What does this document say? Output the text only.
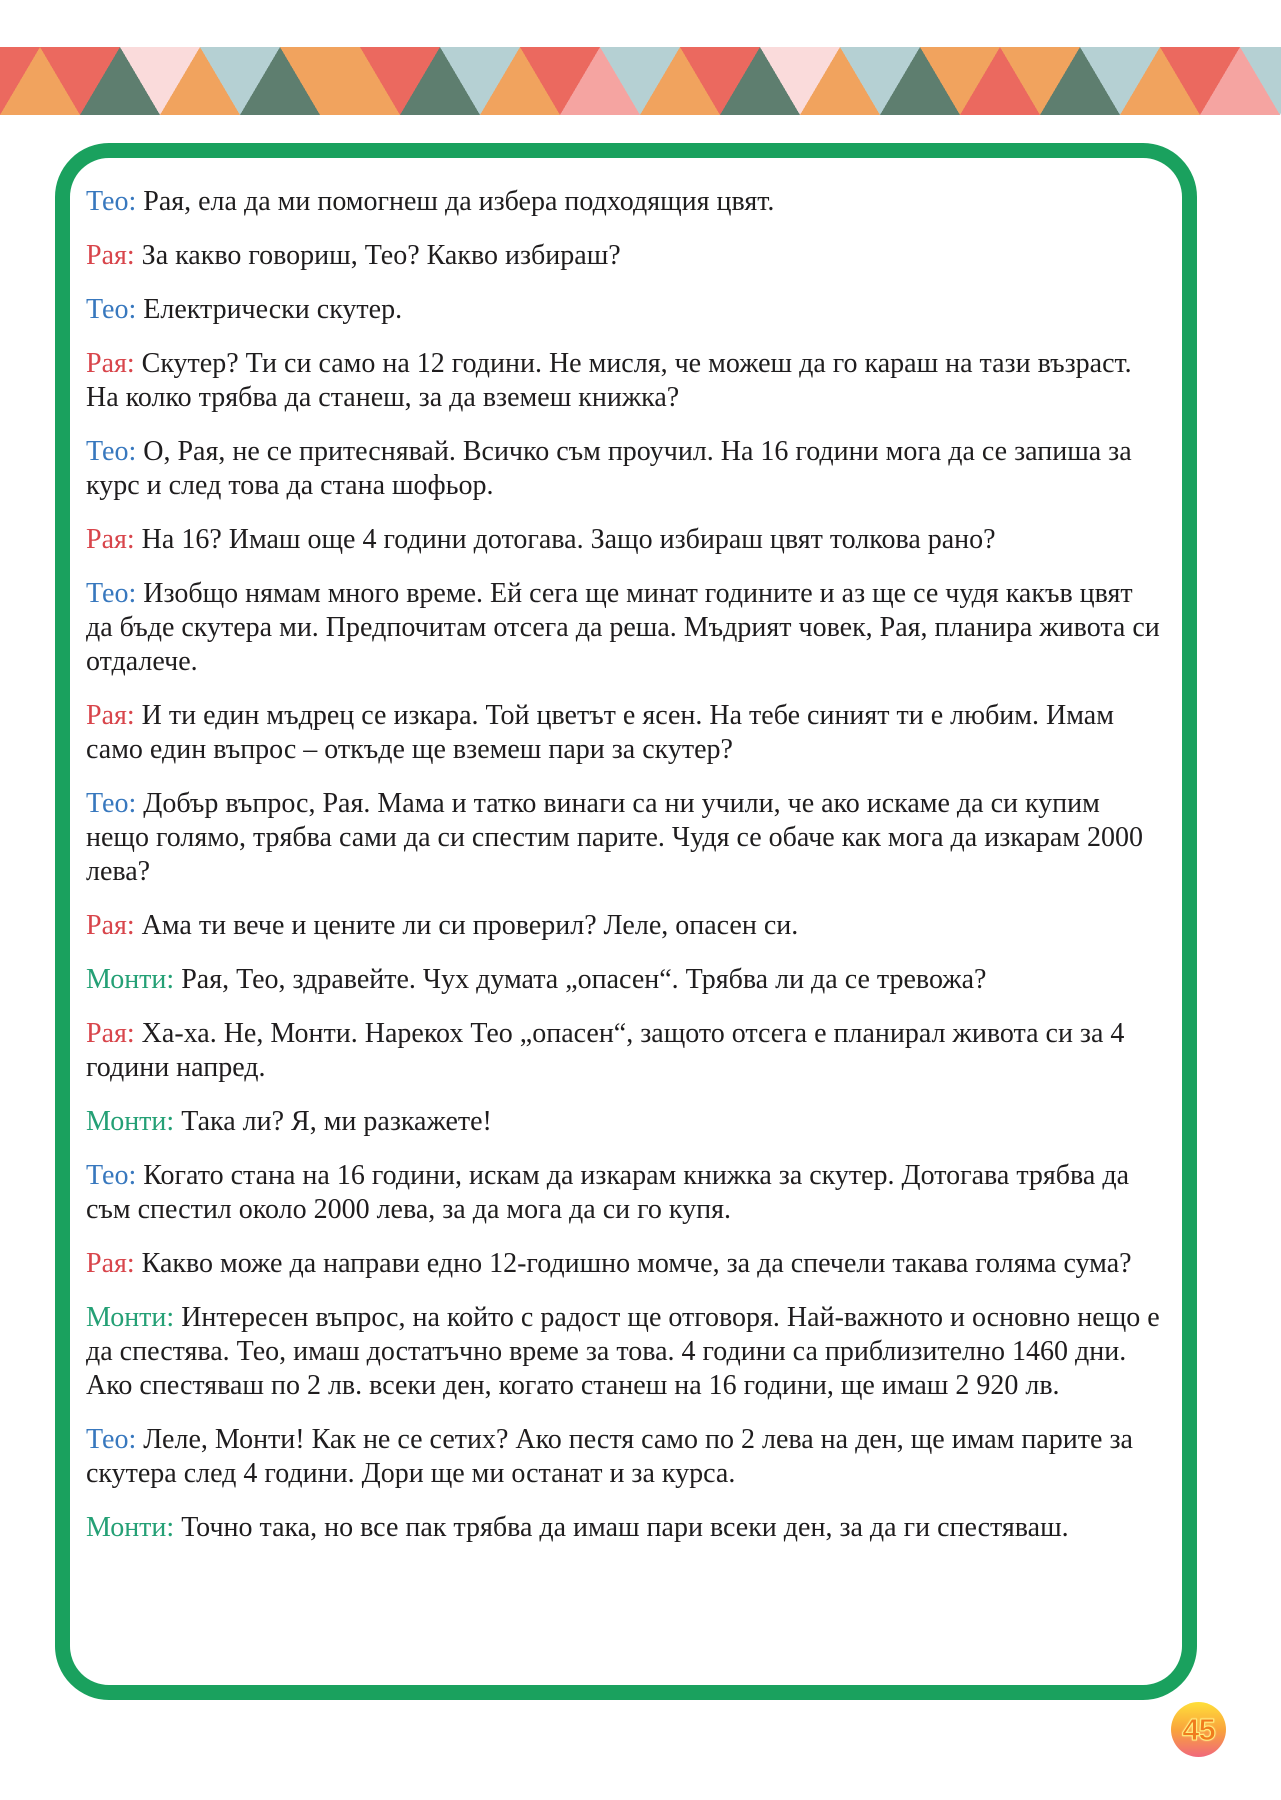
Тео: Рая, ела да ми помогнеш да избера подходящия цвят.

Рая: За какво говориш, Тео? Какво избираш?

Тео: Електрически скутер.

Рая: Скутер? Ти си само на 12 години. Не мисля, че можеш да го караш на тази възраст. На колко трябва да станеш, за да вземеш книжка?

Тео: О, Рая, не се притеснявай. Всичко съм проучил. На 16 години мога да се запиша за курс и след това да стана шофьор.

Рая: На 16? Имаш още 4 години дотогава. Защо избираш цвят толкова рано?

Тео: Изобщо нямам много време. Ей сега ще минат годините и аз ще се чудя какъв цвят да бъде скутера ми. Предпочитам отсега да реша. Мъдрият човек, Рая, планира живота си отдалече.

Рая: И ти един мъдрец се изкара. Той цветът е ясен. На тебе синият ти е любим. Имам само един въпрос – откъде ще вземеш пари за скутер?

Тео: Добър въпрос, Рая. Мама и татко винаги са ни учили, че ако искаме да си купим нещо голямо, трябва сами да си спестим парите. Чудя се обаче как мога да изкарам 2000 лева?

Рая: Ама ти вече и цените ли си проверил? Леле, опасен си.

Монти: Рая, Тео, здравейте. Чух думата „опасен“. Трябва ли да се тревожа?

Рая: Ха-ха. Не, Монти. Нарекох Тео „опасен“, защото отсега е планирал живота си за 4 години напред.

Монти: Така ли? Я, ми разкажете!

Тео: Когато стана на 16 години, искам да изкарам книжка за скутер. Дотогава трябва да съм спестил около 2000 лева, за да мога да си го купя.

Рая: Какво може да направи едно 12-годишно момче, за да спечели такава голяма сума?

Монти: Интересен въпрос, на който с радост ще отговоря. Най-важното и основно нещо е да спестява. Тео, имаш достатъчно време за това. 4 години са приблизително 1460 дни. Ако спестяваш по 2 лв. всеки ден, когато станеш на 16 години, ще имаш 2 920 лв.

Тео: Леле, Монти! Как не се сетих? Ако пестя само по 2 лева на ден, ще имам парите за скутера след 4 години. Дори ще ми останат и за курса.

Монти: Точно така, но все пак трябва да имаш пари всеки ден, за да ги спестяваш.

45
